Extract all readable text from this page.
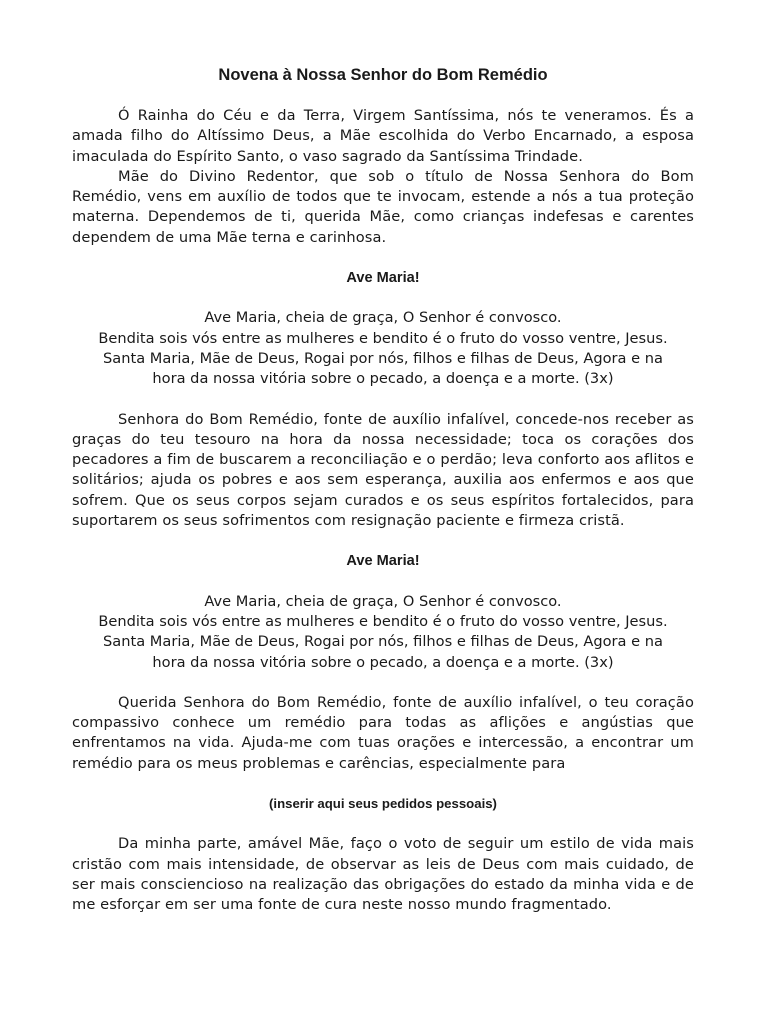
Novena à Nossa Senhor do Bom Remédio

Ó Rainha do Céu e da Terra, Virgem Santíssima, nós te veneramos. És a amada filho do Altíssimo Deus, a Mãe escolhida do Verbo Encarnado, a esposa imaculada do Espírito Santo, o vaso sagrado da Santíssima Trindade.

Mãe do Divino Redentor, que sob o título de Nossa Senhora do Bom Remédio, vens em auxílio de todos que te invocam, estende a nós a tua proteção materna. Dependemos de ti, querida Mãe, como crianças indefesas e carentes dependem de uma Mãe terna e carinhosa.

Ave Maria!
Ave Maria, cheia de graça, O Senhor é convosco.
Bendita sois vós entre as mulheres e bendito é o fruto do vosso ventre, Jesus.
Santa Maria, Mãe de Deus, Rogai por nós, filhos e filhas de Deus, Agora e na
hora da nossa vitória sobre o pecado, a doença e a morte. (3x)

Senhora do Bom Remédio, fonte de auxílio infalível, concede-nos receber as graças do teu tesouro na hora da nossa necessidade; toca os corações dos pecadores a fim de buscarem a reconciliação e o perdão; leva conforto aos aflitos e solitários; ajuda os pobres e aos sem esperança, auxilia aos enfermos e aos que sofrem. Que os seus corpos sejam curados e os seus espíritos fortalecidos, para suportarem os seus sofrimentos com resignação paciente e firmeza cristã.

Ave Maria!
Ave Maria, cheia de graça, O Senhor é convosco.
Bendita sois vós entre as mulheres e bendito é o fruto do vosso ventre, Jesus.
Santa Maria, Mãe de Deus, Rogai por nós, filhos e filhas de Deus, Agora e na
hora da nossa vitória sobre o pecado, a doença e a morte. (3x)

Querida Senhora do Bom Remédio, fonte de auxílio infalível, o teu coração compassivo conhece um remédio para todas as aflições e angústias que enfrentamos na vida. Ajuda-me com tuas orações e intercessão, a encontrar um remédio para os meus problemas e carências, especialmente para

(inserir aqui seus pedidos pessoais)

Da minha parte, amável Mãe, faço o voto de seguir um estilo de vida mais cristão com mais intensidade, de observar as leis de Deus com mais cuidado, de ser mais consciencioso na realização das obrigações do estado da minha vida e de me esforçar em ser uma fonte de cura neste nosso mundo fragmentado.
